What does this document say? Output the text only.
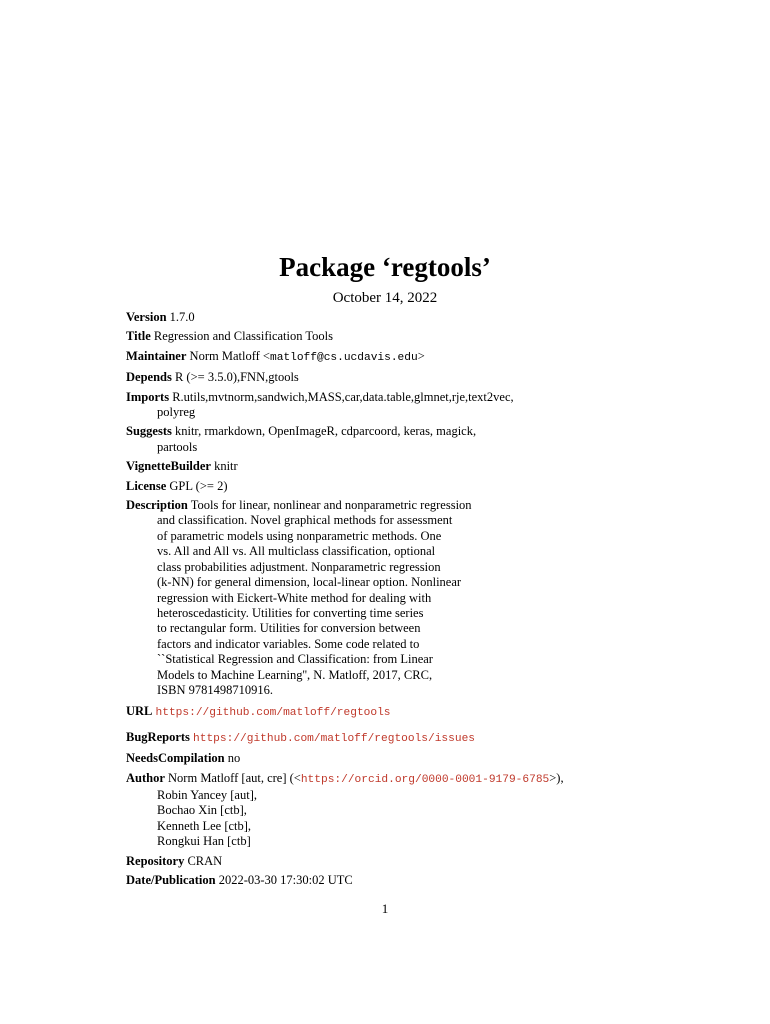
Package ‘regtools’

October 14, 2022

Version 1.7.0
Title Regression and Classification Tools
Maintainer Norm Matloff <matloff@cs.ucdavis.edu>
Depends R (>= 3.5.0),FNN,gtools
Imports R.utils,mvtnorm,sandwich,MASS,car,data.table,glmnet,rje,text2vec,
polyreg
Suggests knitr, rmarkdown, OpenImageR, cdparcoord, keras, magick,
partools
VignetteBuilder knitr
License GPL (>= 2)
Description Tools for linear, nonlinear and nonparametric regression
and classification. Novel graphical methods for assessment
of parametric models using nonparametric methods. One
vs. All and All vs. All multiclass classification, optional
class probabilities adjustment. Nonparametric regression
(k-NN) for general dimension, local-linear option. Nonlinear
regression with Eickert-White method for dealing with
heteroscedasticity. Utilities for converting time series
to rectangular form. Utilities for conversion between
factors and indicator variables. Some code related to
``Statistical Regression and Classification: from Linear
Models to Machine Learning'', N. Matloff, 2017, CRC,
ISBN 9781498710916.
URL https://github.com/matloff/regtools
BugReports https://github.com/matloff/regtools/issues
NeedsCompilation no
Author Norm Matloff [aut, cre] (<https://orcid.org/0000-0001-9179-6785>),
Robin Yancey [aut],
Bochao Xin [ctb],
Kenneth Lee [ctb],
Rongkui Han [ctb]
Repository CRAN
Date/Publication 2022-03-30 17:30:02 UTC
1
